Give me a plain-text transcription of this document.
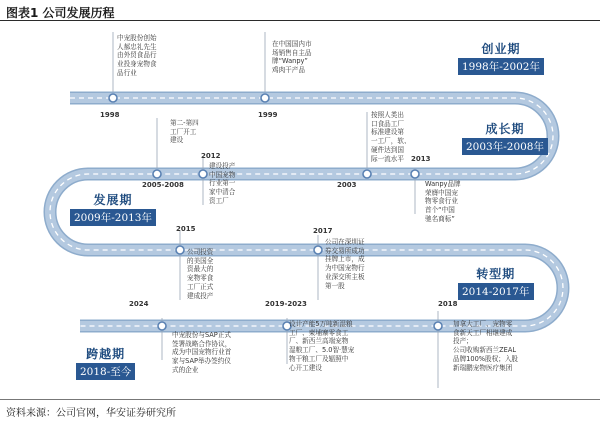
图表1 公司发展历程
创业期
1998年-2002年
成长期
2003年-2008年
发展期
2009年-2013年
转型期
2014-2017年
跨越期
2018-至今
中宠股份创始
人郝忠礼先生
由外贸食品行
业投身宠物食
品行业
1998
在中国国内市
场销售自主品
牌“Wanpy”
鸡肉干产品
1999
第二-第四
工厂开工
建设
2005-2008
建设投产
中国宠物
行业第一
家中清合
资工厂
2012
按照人类出
口食品工厂
标准建设第
一工厂，软、
硬件达到国
际一流水平
2003	Wanpy品牌
荣膺中国宠
物零食行业
首个“中国
驰名商标”
2013
公司投资
的美国全
资最大的
宠物零食
工厂正式
建成投产
2015
公司在深圳证
券交易所成功
挂牌上市，成
为中国宠物行
业深交所主板
第一股
2017
中宠股份与SAP正式
签署战略合作协议，
成为中国宠物行业首
家与SAP举办签约仪
式的企业
2024
设计产能5万吨新湿粮
工厂、柬埔寨零食工
厂、新西兰高端宠物
湿粮工厂、5.0智·慧宠
物干粮工厂及辐照中
心开工建设
2019-2023
加拿大工厂、宠物零
食新天工厂相继建成
投产；
公司收购新西兰ZEAL
品牌100%股权；入股
新瑞鹏宠物医疗集团
2018
资料来源：公司官网，华安证券研究所
